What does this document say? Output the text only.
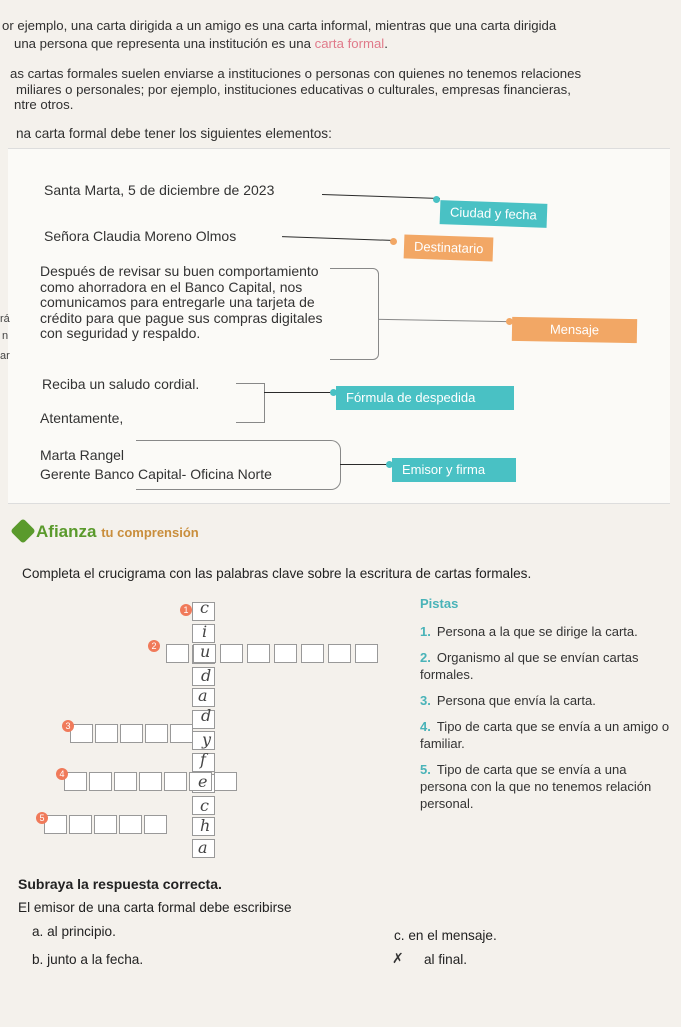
or ejemplo, una carta dirigida a un amigo es una carta informal, mientras que una carta dirigida
una persona que representa una institución es una carta formal.
as cartas formales suelen enviarse a instituciones o personas con quienes no tenemos relaciones
miliares o personales; por ejemplo, instituciones educativas o culturales, empresas financieras,
ntre otros.
na carta formal debe tener los siguientes elementos:
Santa Marta, 5 de diciembre de 2023
Ciudad y fecha
Señora Claudia Moreno Olmos
Destinatario
Después de revisar su buen comportamiento
como ahorradora en el Banco Capital, nos
comunicamos para entregarle una tarjeta de
crédito para que pague sus compras digitales
con seguridad y respaldo.
rá
n
ar
Mensaje
Reciba un saludo cordial.
Atentamente,
Fórmula de despedida
Marta Rangel
Gerente Banco Capital- Oficina Norte	Emisor y firma
Afianza tu comprensión
Completa el crucigrama con las palabras clave sobre la escritura de cartas formales.
1
2
3
4
5
c
i
u
d
a
d
y
f
e
c
h
a
Pistas
1. Persona a la que se dirige la carta.
2. Organismo al que se envían cartas formales.
3. Persona que envía la carta.
4. Tipo de carta que se envía a un amigo o familiar.
5. Tipo de carta que se envía a una persona con la que no tenemos relación personal.
Subraya la respuesta correcta.
El emisor de una carta formal debe escribirse
a. al principio.
b. junto a la fecha.
c. en el mensaje.
✗ al final.
